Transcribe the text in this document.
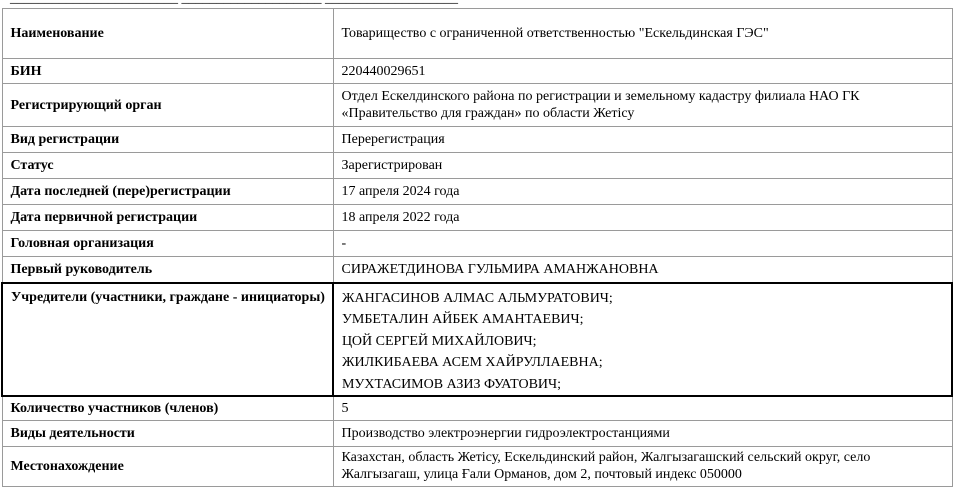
Наименование	Товарищество с ограниченной ответственностью "Ескельдинская ГЭС"
БИН	220440029651
Регистрирующий орган	Отдел Ескелдинского района по регистрации и земельному кадастру филиала НАО ГК «Правительство для граждан» по области Жетісу
Вид регистрации	Перерегистрация
Статус	Зарегистрирован
Дата последней (пере)регистрации	17 апреля 2024 года
Дата первичной регистрации	18 апреля 2022 года
Головная организация	-
Первый руководитель	СИРАЖЕТДИНОВА ГУЛЬМИРА АМАНЖАНОВНА
Учредители (участники, граждане - инициаторы)	ЖАНГАСИНОВ АЛМАС АЛЬМУРАТОВИЧ;
УМБЕТАЛИН АЙБЕК АМАНТАЕВИЧ;
ЦОЙ СЕРГЕЙ МИХАЙЛОВИЧ;
ЖИЛКИБАЕВА АСЕМ ХАЙРУЛЛАЕВНА;
МУХТАСИМОВ АЗИЗ ФУАТОВИЧ;

Количество участников (членов)	5
Виды деятельности	Производство электроэнергии гидроэлектростанциями
Местонахождение	Казахстан, область Жетісу, Ескельдинский район, Жалгызагашский сельский округ, село Жалгызагаш, улица Ғали Орманов, дом 2, почтовый индекс 050000
